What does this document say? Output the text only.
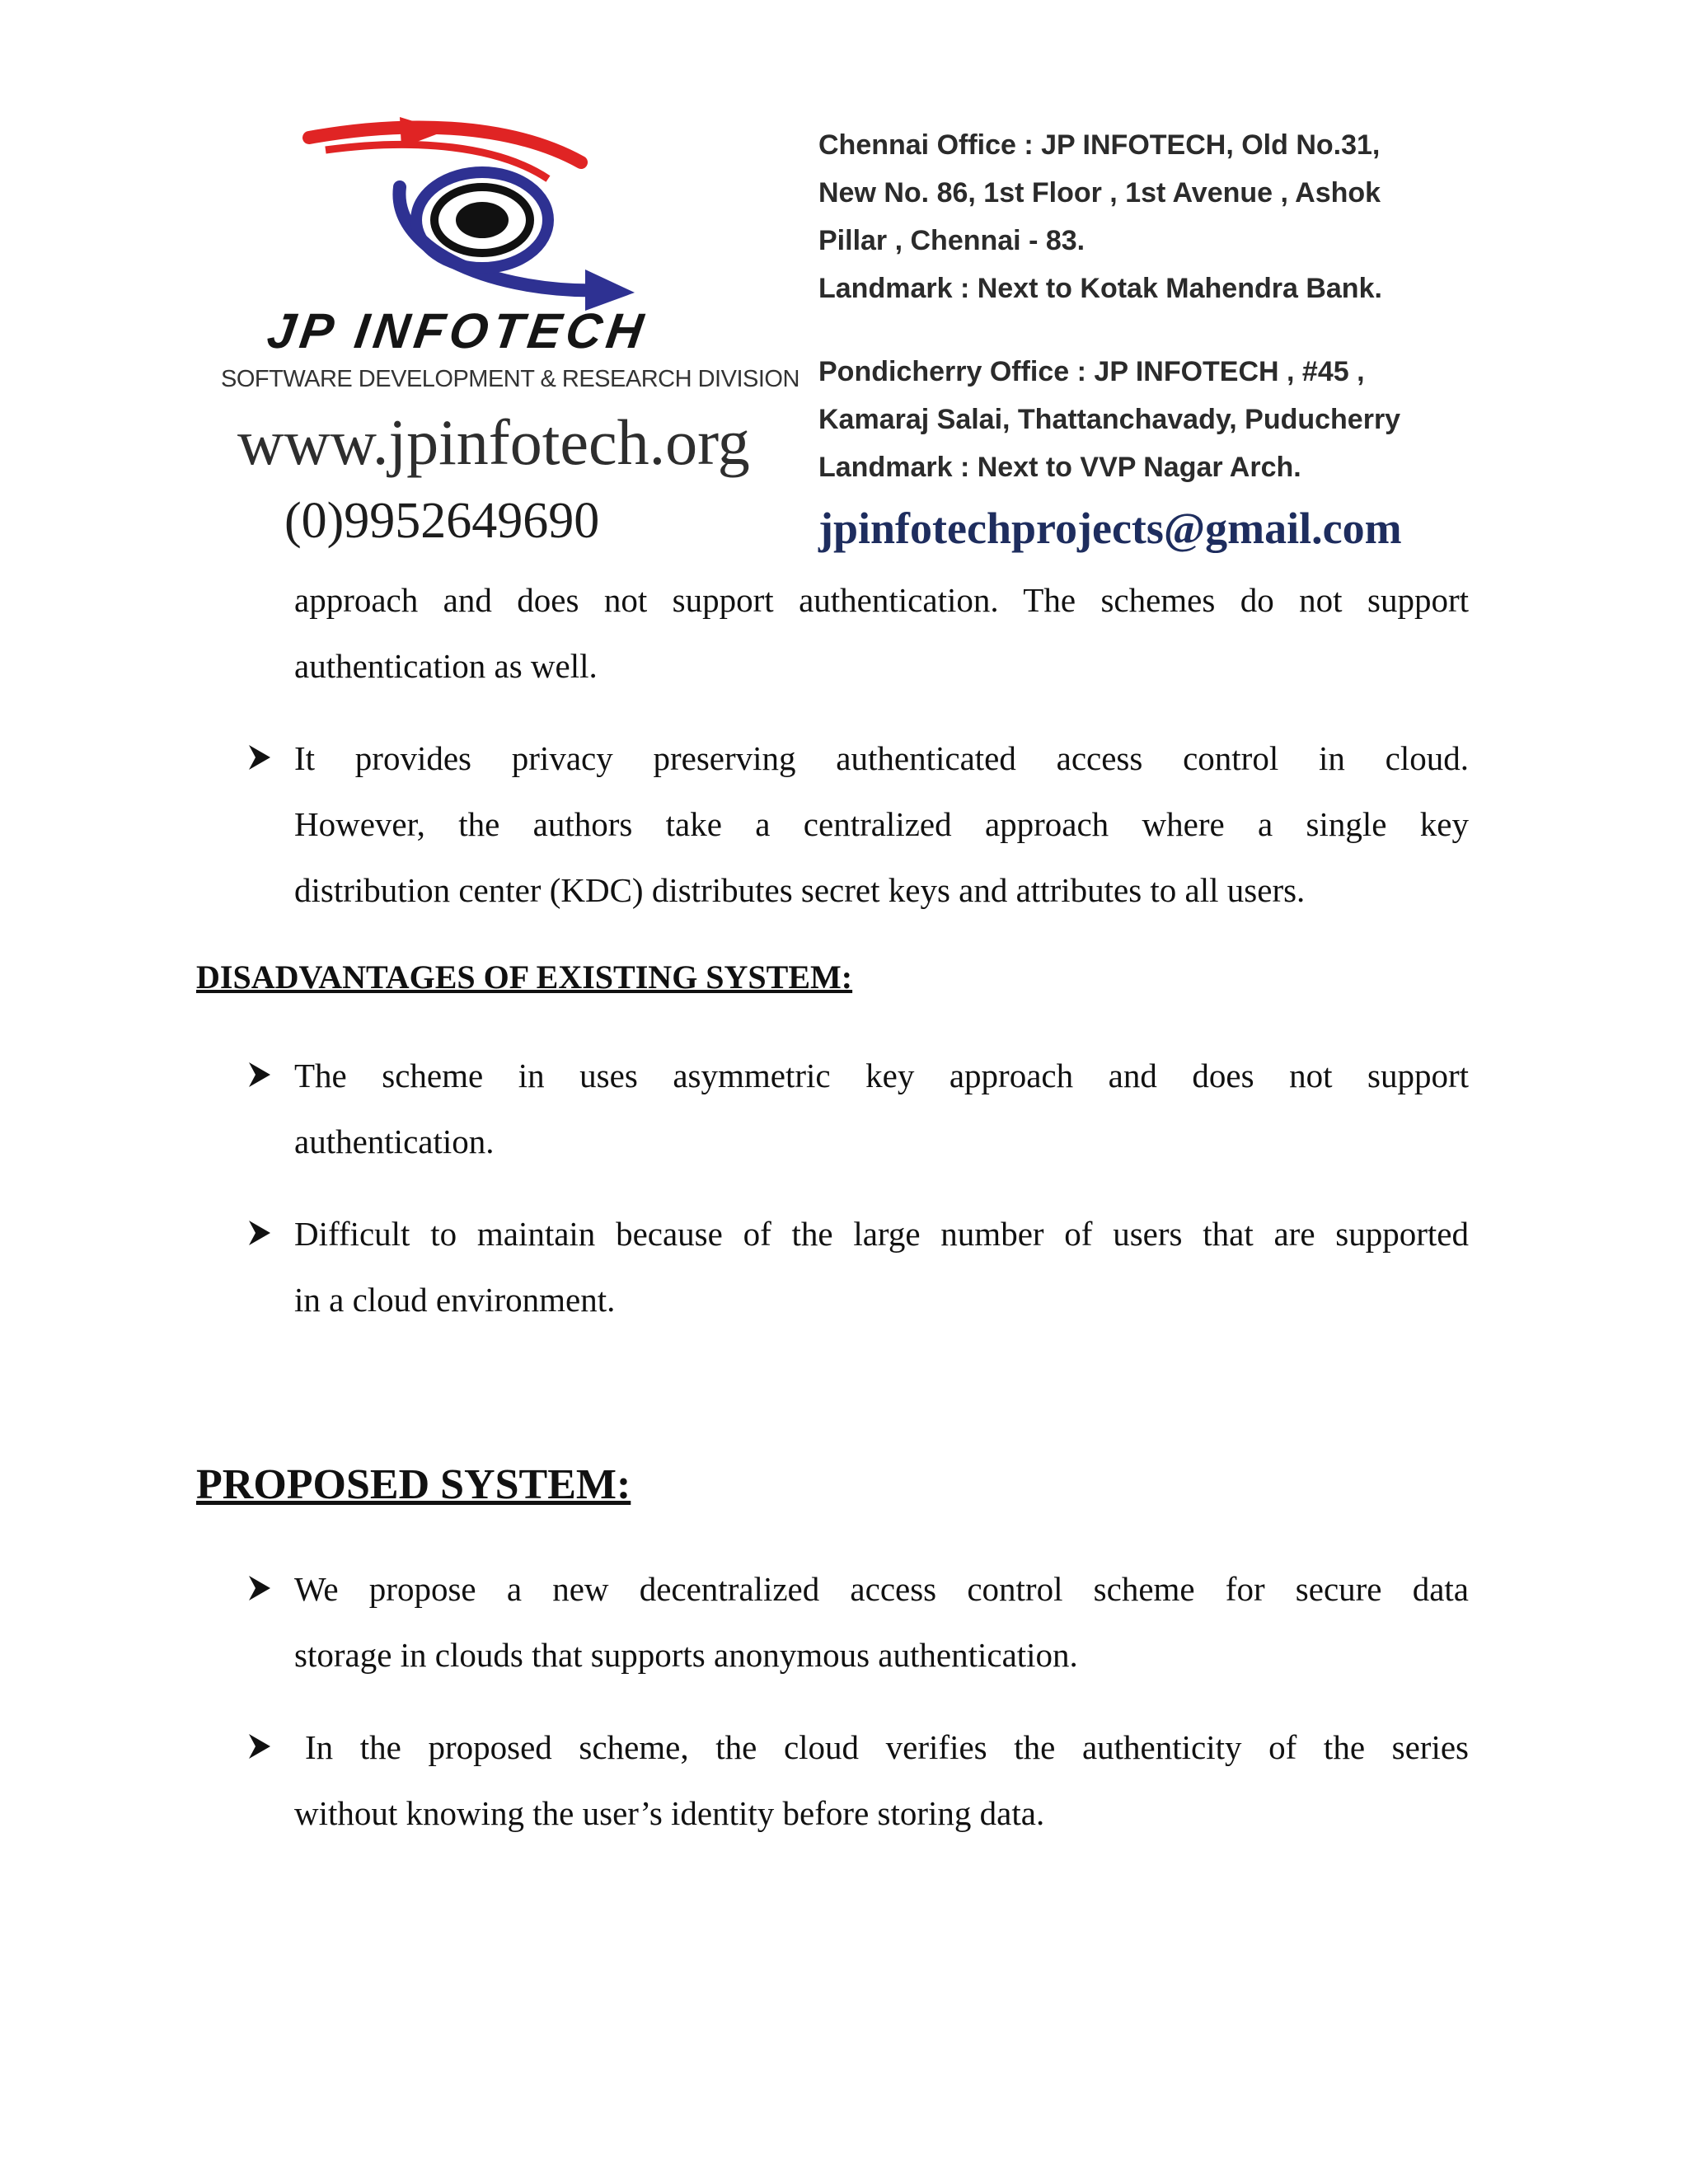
JP INFOTECH
SOFTWARE DEVELOPMENT & RESEARCH DIVISION
www.jpinfotech.org
(0)9952649690
Chennai Office : JP INFOTECH, Old No.31,
New No. 86, 1st Floor , 1st Avenue , Ashok
Pillar , Chennai - 83.
Landmark : Next to Kotak Mahendra Bank.
Pondicherry Office : JP INFOTECH , #45 ,
Kamaraj Salai, Thattanchavady, Puducherry
Landmark : Next to VVP Nagar Arch.
jpinfotechprojects@gmail.com
approach and does not support authentication. The schemes do not support
authentication as well.
It provides privacy preserving authenticated access control in cloud.
However, the authors take a centralized approach where a single key
distribution center (KDC) distributes secret keys and attributes to all users.
DISADVANTAGES OF EXISTING SYSTEM:
The scheme in uses asymmetric key approach and does not support
authentication.
Difficult to maintain because of the large number of users that are supported
in a cloud environment.
PROPOSED SYSTEM:
We propose a new decentralized access control scheme for secure data
storage in clouds that supports anonymous authentication.
In the proposed scheme, the cloud verifies the authenticity of the series
without knowing the user’s identity before storing data.
